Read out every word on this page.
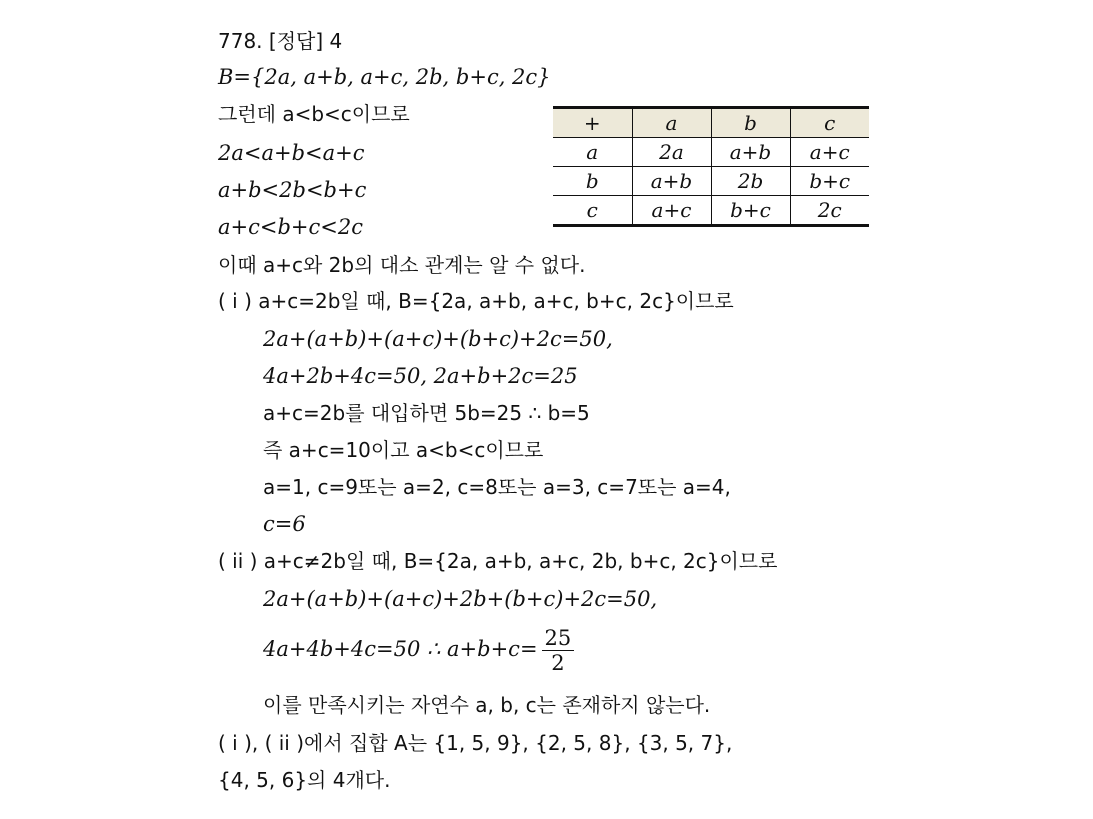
778. [정답] 4
B={2a, a+b, a+c, 2b, b+c, 2c}
그런데 a<b<c이므로
2a<a+b<a+c
a+b<2b<b+c
a+c<b+c<2c
+	a	b	c
a	2a	a+b	a+c
b	a+b	2b	b+c
c	a+c	b+c	2c
이때 a+c와 2b의 대소 관계는 알 수 없다.
( i ) a+c=2b일 때, B={2a, a+b, a+c, b+c, 2c}이므로
2a+(a+b)+(a+c)+(b+c)+2c=50,
4a+2b+4c=50, 2a+b+2c=25
a+c=2b를 대입하면 5b=25 ∴ b=5
즉 a+c=10이고 a<b<c이므로
a=1, c=9또는 a=2, c=8또는 a=3, c=7또는 a=4,
c=6
( ii ) a+c≠2b일 때, B={2a, a+b, a+c, 2b, b+c, 2c}이므로
2a+(a+b)+(a+c)+2b+(b+c)+2c=50,
4a+4b+4c=50 ∴ $a+b+c= \frac{25}{2}$
이를 만족시키는 자연수 a, b, c는 존재하지 않는다.
( i ), ( ii )에서 집합 A는 {1, 5, 9}, {2, 5, 8}, {3, 5, 7},
{4, 5, 6}의 4개다.
